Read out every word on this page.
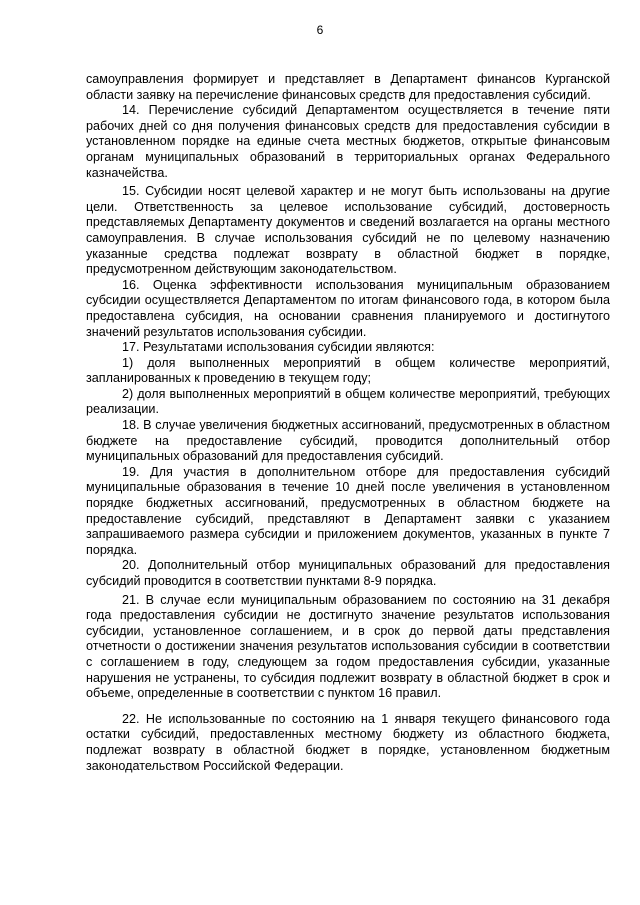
6

самоуправления формирует и представляет в Департамент финансов Курганской области заявку на перечисление финансовых средств для предоставления субсидий.

14. Перечисление субсидий Департаментом осуществляется в течение пяти рабочих дней со дня получения финансовых средств для предоставления субсидии в установленном порядке на единые счета местных бюджетов, открытые финансовым органам муниципальных образований в территориальных органах Федерального казначейства.

15. Субсидии носят целевой характер и не могут быть использованы на другие цели. Ответственность за целевое использование субсидий, достоверность представляемых Департаменту документов и сведений возлагается на органы местного самоуправления. В случае использования субсидий не по целевому назначению указанные средства подлежат возврату в областной бюджет в порядке, предусмотренном действующим законодательством.

16. Оценка эффективности использования муниципальным образованием субсидии осуществляется Департаментом по итогам финансового года, в котором была предоставлена субсидия, на основании сравнения планируемого и достигнутого значений результатов использования субсидии.

17. Результатами использования субсидии являются:

1) доля выполненных мероприятий в общем количестве мероприятий, запланированных к проведению в текущем году;

2) доля выполненных мероприятий в общем количестве мероприятий, требующих реализации.

18. В случае увеличения бюджетных ассигнований, предусмотренных в областном бюджете на предоставление субсидий, проводится дополнительный отбор муниципальных образований для предоставления субсидий.

19. Для участия в дополнительном отборе для предоставления субсидий муниципальные образования в течение 10 дней после увеличения в установленном порядке бюджетных ассигнований, предусмотренных в областном бюджете на предоставление субсидий, представляют в Департамент заявки с указанием запрашиваемого размера субсидии и приложением документов, указанных в пункте 7 порядка.

20. Дополнительный отбор муниципальных образований для предоставления субсидий проводится в соответствии пунктами 8-9 порядка.

21. В случае если муниципальным образованием по состоянию на 31 декабря года предоставления субсидии не достигнуто значение результатов использования субсидии, установленное соглашением, и в срок до первой даты представления отчетности о достижении значения результатов использования субсидии в соответствии с соглашением в году, следующем за годом предоставления субсидии, указанные нарушения не устранены, то субсидия подлежит возврату в областной бюджет в срок и объеме, определенные в соответствии с пунктом 16 правил.

22. Не использованные по состоянию на 1 января текущего финансового года остатки субсидий, предоставленных местному бюджету из областного бюджета, подлежат возврату в областной бюджет в порядке, установленном бюджетным законодательством Российской Федерации.
